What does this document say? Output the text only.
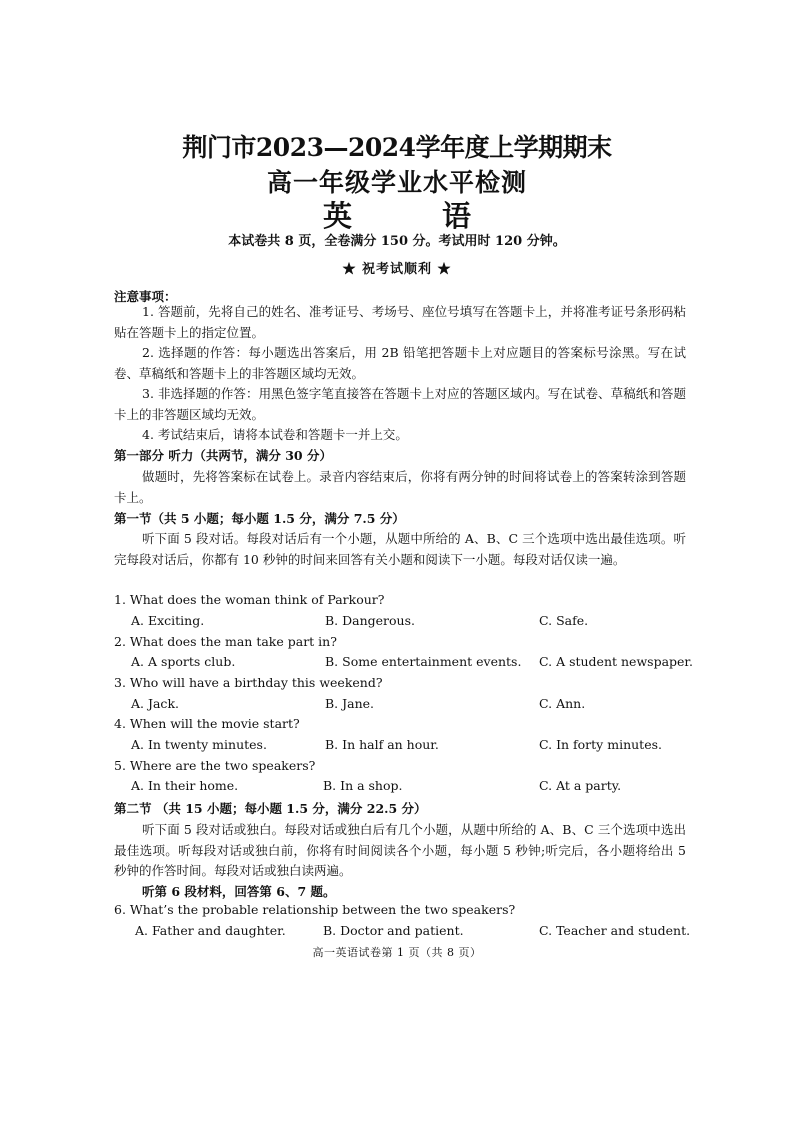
荆门市2023—2024学年度上学期期末
高一年级学业水平检测
英 语
本试卷共 8 页，全卷满分 150 分。考试用时 120 分钟。
★ 祝考试顺利 ★
注意事项：
1. 答题前，先将自己的姓名、准考证号、考场号、座位号填写在答题卡上，并将准考证号条形码粘贴在答题卡上的指定位置。
2. 选择题的作答：每小题选出答案后，用 2B 铅笔把答题卡上对应题目的答案标号涂黑。写在试卷、草稿纸和答题卡上的非答题区域均无效。
3. 非选择题的作答：用黑色签字笔直接答在答题卡上对应的答题区域内。写在试卷、草稿纸和答题卡上的非答题区域均无效。
4. 考试结束后，请将本试卷和答题卡一并上交。
第一部分 听力（共两节，满分 30 分）
做题时，先将答案标在试卷上。录音内容结束后，你将有两分钟的时间将试卷上的答案转涂到答题卡上。
第一节（共 5 小题；每小题 1.5 分，满分 7.5 分）
听下面 5 段对话。每段对话后有一个小题，从题中所给的 A、B、C 三个选项中选出最佳选项。听完每段对话后，你都有 10 秒钟的时间来回答有关小题和阅读下一小题。每段对话仅读一遍。
1. What does the woman think of Parkour?
A. Exciting.	B. Dangerous.	C. Safe.
2. What does the man take part in?
A. A sports club.	B. Some entertainment events. C. A student newspaper.
3. Who will have a birthday this weekend?
A. Jack.	B. Jane.	C. Ann.
4. When will the movie start?
A. In twenty minutes.	B. In half an hour.	C. In forty minutes.
5. Where are the two speakers?
A. In their home.	B. In a shop.	C. At a party.
第二节 （共 15 小题；每小题 1.5 分，满分 22.5 分）
听下面 5 段对话或独白。每段对话或独白后有几个小题，从题中所给的 A、B、C 三个选项中选出最佳选项。听每段对话或独白前，你将有时间阅读各个小题，每小题 5 秒钟;听完后，各小题将给出 5 秒钟的作答时间。每段对话或独白读两遍。
听第 6 段材料，回答第 6、7 题。
6. What’s the probable relationship between the two speakers?
A. Father and daughter.	B. Doctor and patient.	C. Teacher and student.
高一英语试卷第 1 页（共 8 页）
